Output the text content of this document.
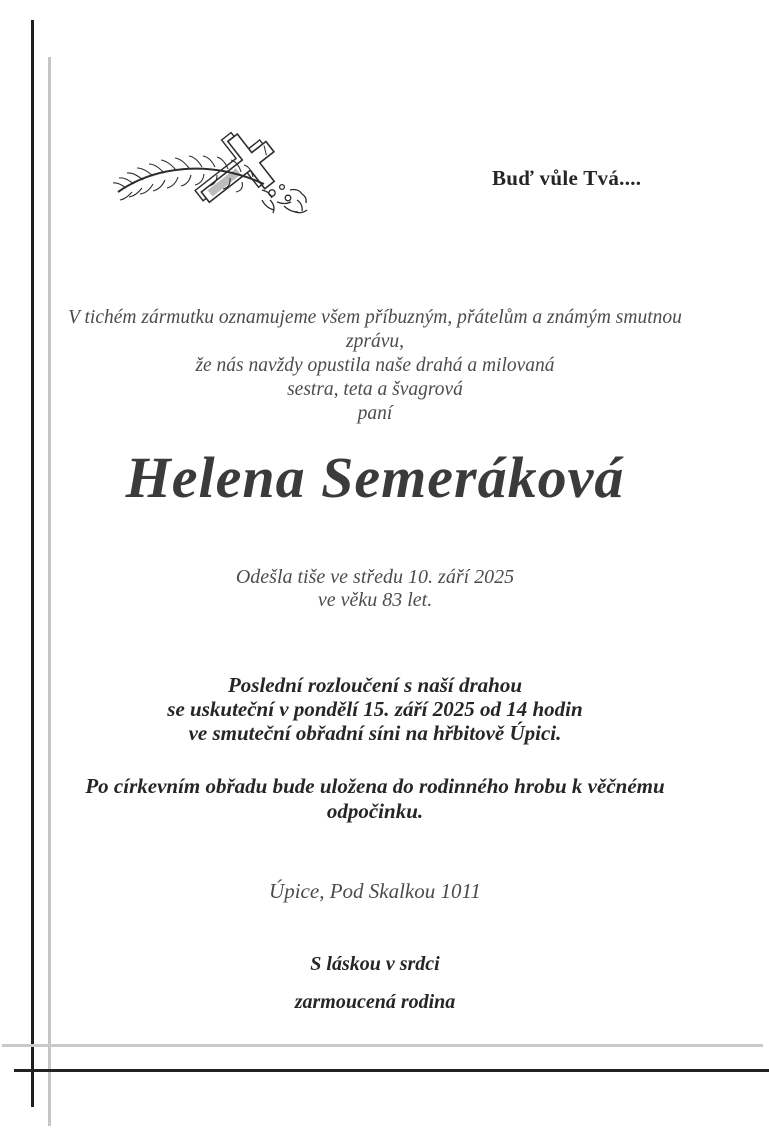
Buď vůle Tvá....
V tichém zármutku oznamujeme všem příbuzným, přátelům a známým smutnou zprávu,
že nás navždy opustila naše drahá a milovaná
sestra, teta a švagrová
paní
Helena Semeráková
Odešla tiše ve středu 10. září 2025
ve věku 83 let.
Poslední rozloučení s naší drahou
se uskuteční v pondělí 15. září 2025 od 14 hodin
ve smuteční obřadní síni na hřbitově Úpici.
Po církevním obřadu bude uložena do rodinného hrobu k věčnému odpočinku.
Úpice, Pod Skalkou 1011
S láskou v srdci
zarmoucená rodina
